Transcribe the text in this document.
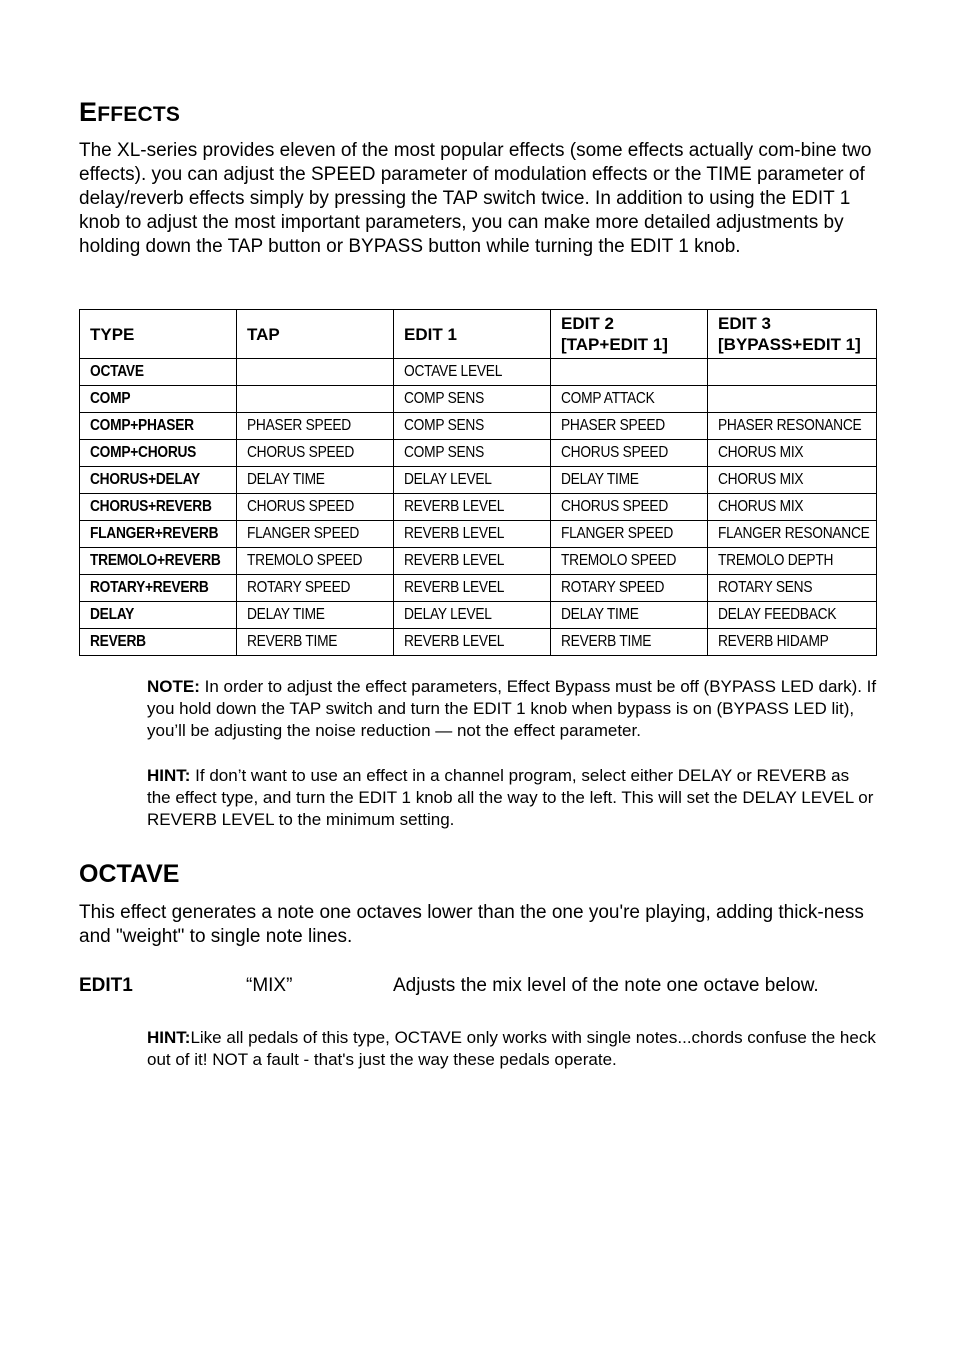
EFFECTS

The XL-series provides eleven of the most popular effects (some effects actually com-bine two effects). you can adjust the SPEED parameter of modulation effects or the TIME parameter of delay/reverb effects simply by pressing the TAP switch twice. In addition to using the EDIT 1 knob to adjust the most important parameters, you can make more detailed adjustments by holding down the TAP button or BYPASS button while turning the EDIT 1 knob.

TYPE	TAP	EDIT 1	EDIT 2 [TAP+EDIT 1]	EDIT 3 [BYPASS+EDIT 1]

OCTAVE		OCTAVE LEVEL		
COMP		COMP SENS	COMP ATTACK	
COMP+PHASER	PHASER SPEED	COMP SENS	PHASER SPEED	PHASER RESONANCE
COMP+CHORUS	CHORUS SPEED	COMP SENS	CHORUS SPEED	CHORUS MIX
CHORUS+DELAY	DELAY TIME	DELAY LEVEL	DELAY TIME	CHORUS MIX
CHORUS+REVERB	CHORUS SPEED	REVERB LEVEL	CHORUS SPEED	CHORUS MIX
FLANGER+REVERB	FLANGER SPEED	REVERB LEVEL	FLANGER SPEED	FLANGER RESONANCE
TREMOLO+REVERB	TREMOLO SPEED	REVERB LEVEL	TREMOLO SPEED	TREMOLO DEPTH
ROTARY+REVERB	ROTARY SPEED	REVERB LEVEL	ROTARY SPEED	ROTARY SENS
DELAY	DELAY TIME	DELAY LEVEL	DELAY TIME	DELAY FEEDBACK
REVERB	REVERB TIME	REVERB LEVEL	REVERB TIME	REVERB HIDAMP

NOTE: In order to adjust the effect parameters, Effect Bypass must be off (BYPASS LED dark). If you hold down the TAP switch and turn the EDIT 1 knob when bypass is on (BYPASS LED lit), you’ll be adjusting the noise reduction — not the effect parameter.

HINT: If don’t want to use an effect in a channel program, select either DELAY or REVERB as the effect type, and turn the EDIT 1 knob all the way to the left. This will set the DELAY LEVEL or REVERB LEVEL to the minimum setting.

OCTAVE

This effect generates a note one octaves lower than the one you're playing, adding thick-ness and "weight" to single note lines.

EDIT1	“MIX”	Adjusts the mix level of the note one octave below.

HINT:Like all pedals of this type, OCTAVE only works with single notes...chords confuse the heck out of it! NOT a fault - that's just the way these pedals operate.
